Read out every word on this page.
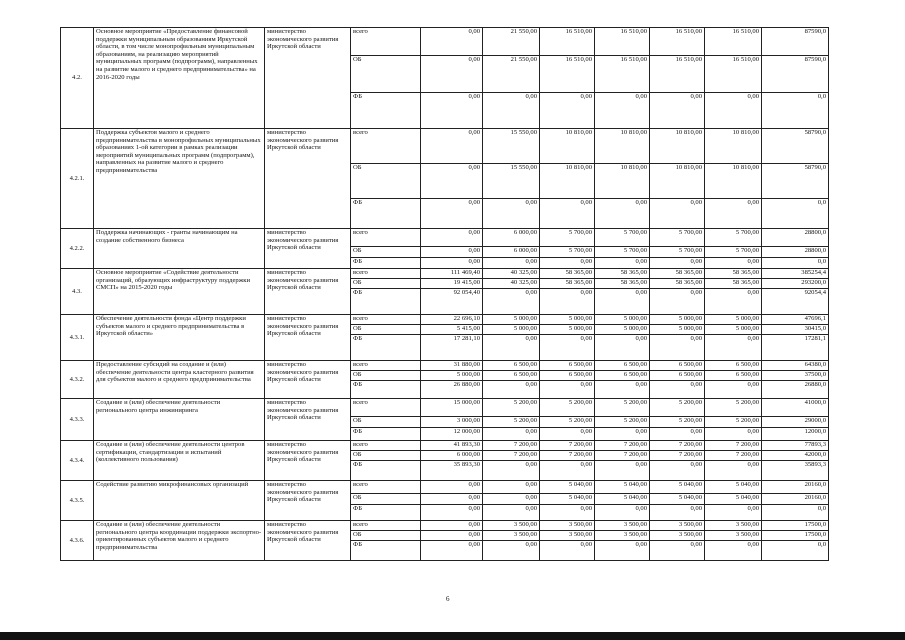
4.2.	Основное мероприятие «Предоставление финансовой поддержки муниципальным образованиям Иркутской области, в том числе монопрофильным муниципальным образованиям, на реализацию мероприятий муниципальных программ (подпрограмм), направленных на развитие малого и среднего предпринимательства» на 2016-2020 годы	министерство экономического развития Иркутской области	всего	0,00	21 550,00	16 510,00	16 510,00	16 510,00	16 510,00	87590,0
			ОБ	0,00	21 550,00	16 510,00	16 510,00	16 510,00	16 510,00	87590,0
			ФБ	0,00	0,00	0,00	0,00	0,00	0,00	0,0
4.2.1.	Поддержка субъектов малого и среднего предпринимательства в монопрофильных муниципальных образованиях 1-ой категории в рамках реализации мероприятий муниципальных программ (подпрограмм), направленных на развитие малого и среднего предпринимательства	министерство экономического развития Иркутской области	всего	0,00	15 550,00	10 810,00	10 810,00	10 810,00	10 810,00	58790,0
			ОБ	0,00	15 550,00	10 810,00	10 810,00	10 810,00	10 810,00	58790,0
			ФБ	0,00	0,00	0,00	0,00	0,00	0,00	0,0
4.2.2.	Поддержка начинающих - гранты начинающим на создание собственного бизнеса	министерство экономического развития Иркутской области	всего	0,00	6 000,00	5 700,00	5 700,00	5 700,00	5 700,00	28800,0
			ОБ	0,00	6 000,00	5 700,00	5 700,00	5 700,00	5 700,00	28800,0
			ФБ	0,00	0,00	0,00	0,00	0,00	0,00	0,0
4.3.	Основное мероприятие «Содействие деятельности организаций, образующих инфраструктуру поддержки СМСП» на 2015-2020 годы	министерство экономического развития Иркутской области	всего	111 469,40	40 325,00	58 365,00	58 365,00	58 365,00	58 365,00	385254,4
			ОБ	19 415,00	40 325,00	58 365,00	58 365,00	58 365,00	58 365,00	293200,0
			ФБ	92 054,40	0,00	0,00	0,00	0,00	0,00	92054,4
4.3.1.	Обеспечение деятельности фонда «Центр поддержки субъектов малого и среднего предпринимательства в Иркутской области»	министерство экономического развития Иркутской области	всего	22 696,10	5 000,00	5 000,00	5 000,00	5 000,00	5 000,00	47696,1
			ОБ	5 415,00	5 000,00	5 000,00	5 000,00	5 000,00	5 000,00	30415,0
			ФБ	17 281,10	0,00	0,00	0,00	0,00	0,00	17281,1
4.3.2.	Предоставление субсидий на создание и (или) обеспечение деятельности центра кластерного развития для субъектов малого и среднего предпринимательства	министерство экономического развития Иркутской области	всего	31 880,00	6 500,00	6 500,00	6 500,00	6 500,00	6 500,00	64380,0
			ОБ	5 000,00	6 500,00	6 500,00	6 500,00	6 500,00	6 500,00	37500,0
			ФБ	26 880,00	0,00	0,00	0,00	0,00	0,00	26880,0
4.3.3.	Создание и (или) обеспечение деятельности регионального центра инжиниринга	министерство экономического развития Иркутской области	всего	15 000,00	5 200,00	5 200,00	5 200,00	5 200,00	5 200,00	41000,0
			ОБ	3 000,00	5 200,00	5 200,00	5 200,00	5 200,00	5 200,00	29000,0
			ФБ	12 000,00	0,00	0,00	0,00	0,00	0,00	12000,0
4.3.4.	Создание и (или) обеспечение деятельности центров сертификации, стандартизации и испытаний (коллективного пользования)	министерство экономического развития Иркутской области	всего	41 893,30	7 200,00	7 200,00	7 200,00	7 200,00	7 200,00	77893,3
			ОБ	6 000,00	7 200,00	7 200,00	7 200,00	7 200,00	7 200,00	42000,0
			ФБ	35 893,30	0,00	0,00	0,00	0,00	0,00	35893,3
4.3.5.	Содействие развитию микрофинансовых организаций	министерство экономического развития Иркутской области	всего	0,00	0,00	5 040,00	5 040,00	5 040,00	5 040,00	20160,0
			ОБ	0,00	0,00	5 040,00	5 040,00	5 040,00	5 040,00	20160,0
			ФБ	0,00	0,00	0,00	0,00	0,00	0,00	0,0
4.3.6.	Создание и (или) обеспечение деятельности регионального центра координации поддержки экспортно-ориентированных субъектов малого и среднего предпринимательства	министерство экономического развития Иркутской области	всего	0,00	3 500,00	3 500,00	3 500,00	3 500,00	3 500,00	17500,0
			ОБ	0,00	3 500,00	3 500,00	3 500,00	3 500,00	3 500,00	17500,0
			ФБ	0,00	0,00	0,00	0,00	0,00	0,00	0,0
6
